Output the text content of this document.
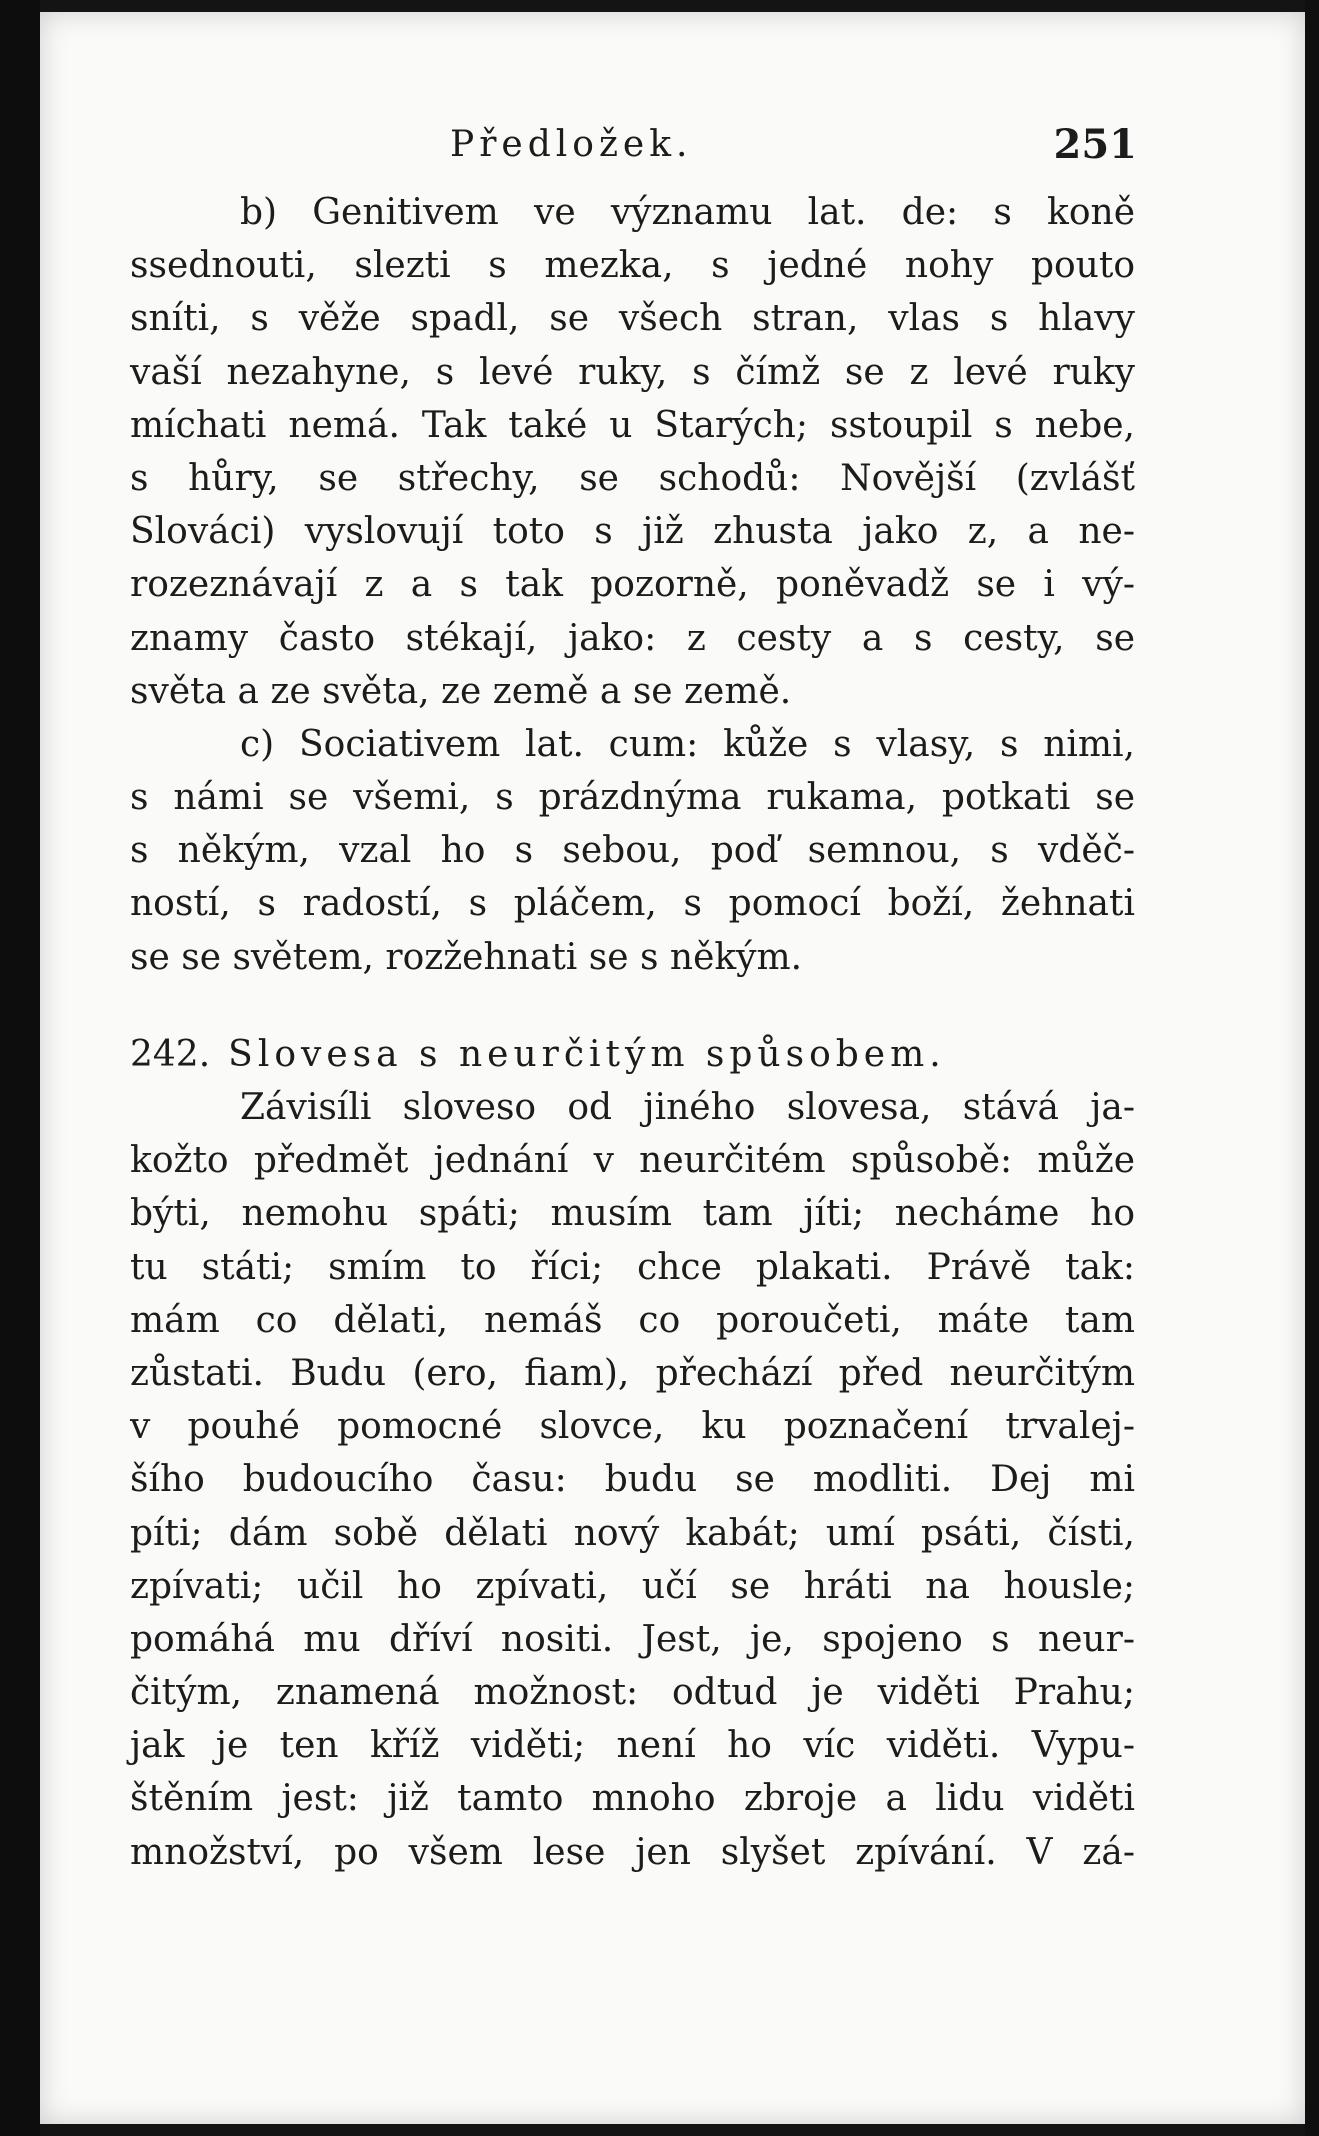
Předložek.	251
b) Genitivem ve významu lat. de: s koně
ssednouti, slezti s mezka, s jedné nohy pouto
sníti, s věže spadl, se všech stran, vlas s hlavy
vaší nezahyne, s levé ruky, s čímž se z levé ruky
míchati nemá. Tak také u Starých; sstoupil s nebe,
s hůry, se střechy, se schodů: Novější (zvlášť
Slováci) vyslovují toto s již zhusta jako z, a ne-
rozeznávají z a s tak pozorně, poněvadž se i vý-
znamy často stékají, jako: z cesty a s cesty, se
světa a ze světa, ze země a se země.
c) Sociativem lat. cum: kůže s vlasy, s nimi,
s námi se všemi, s prázdnýma rukama, potkati se
s někým, vzal ho s sebou, poď semnou, s vděč-
ností, s radostí, s pláčem, s pomocí boží, žehnati
se se světem, rozžehnati se s někým.
242. Slovesa s neurčitým spůsobem.
Závisíli sloveso od jiného slovesa, stává ja-
kožto předmět jednání v neurčitém spůsobě: může
býti, nemohu spáti; musím tam jíti; necháme ho
tu státi; smím to říci; chce plakati. Právě tak:
mám co dělati, nemáš co poroučeti, máte tam
zůstati. Budu (ero, fiam), přechází před neurčitým
v pouhé pomocné slovce, ku poznačení trvalej-
šího budoucího času: budu se modliti. Dej mi
píti; dám sobě dělati nový kabát; umí psáti, čísti,
zpívati; učil ho zpívati, učí se hráti na housle;
pomáhá mu dříví nositi. Jest, je, spojeno s neur-
čitým, znamená možnost: odtud je viděti Prahu;
jak je ten kříž viděti; není ho víc viděti. Vypu-
štěním jest: již tamto mnoho zbroje a lidu viděti
množství, po všem lese jen slyšet zpívání. V zá-
